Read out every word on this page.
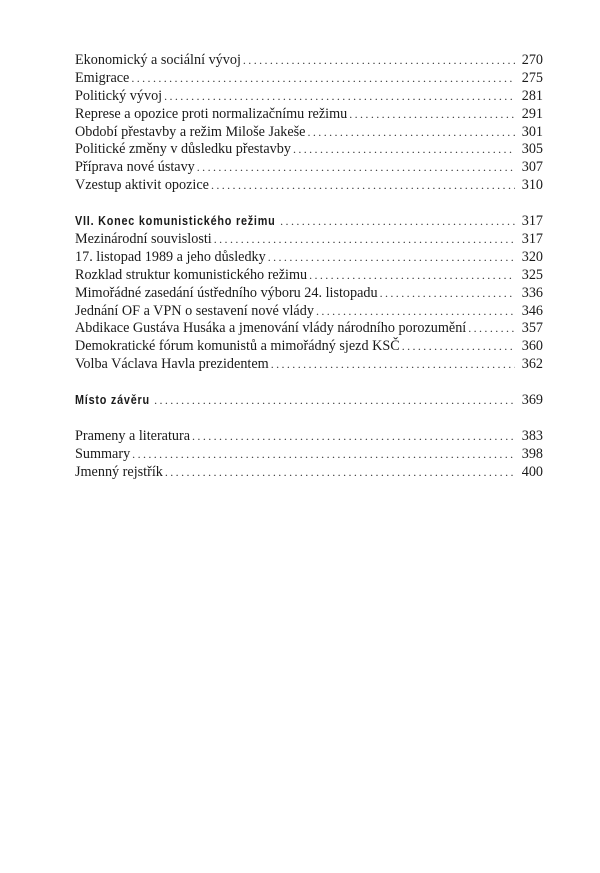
Ekonomický a sociální vývoj . . .	270
Emigrace . . .	275
Politický vývoj . . .	281
Represe a opozice proti normalizačnímu režimu . . .	291
Období přestavby a režim Miloše Jakeše . . .	301
Politické změny v důsledku přestavby . . .	305
Příprava nové ústavy . . .	307
Vzestup aktivit opozice . . .	310
VII. Konec komunistického režimu . . .	317
Mezinárodní souvislosti . . .	317
17. listopad 1989 a jeho důsledky . . .	320
Rozklad struktur komunistického režimu . . .	325
Mimořádné zasedání ústředního výboru 24. listopadu . . .	336
Jednání OF a VPN o sestavení nové vlády . . .	346
Abdikace Gustáva Husáka a jmenování vlády národního porozumění . . .	357
Demokratické fórum komunistů a mimořádný sjezd KSČ . . .	360
Volba Václava Havla prezidentem . . .	362
Místo závěru . . .	369
Prameny a literatura . . .	383
Summary . . .	398
Jmenný rejstřík . . .	400
